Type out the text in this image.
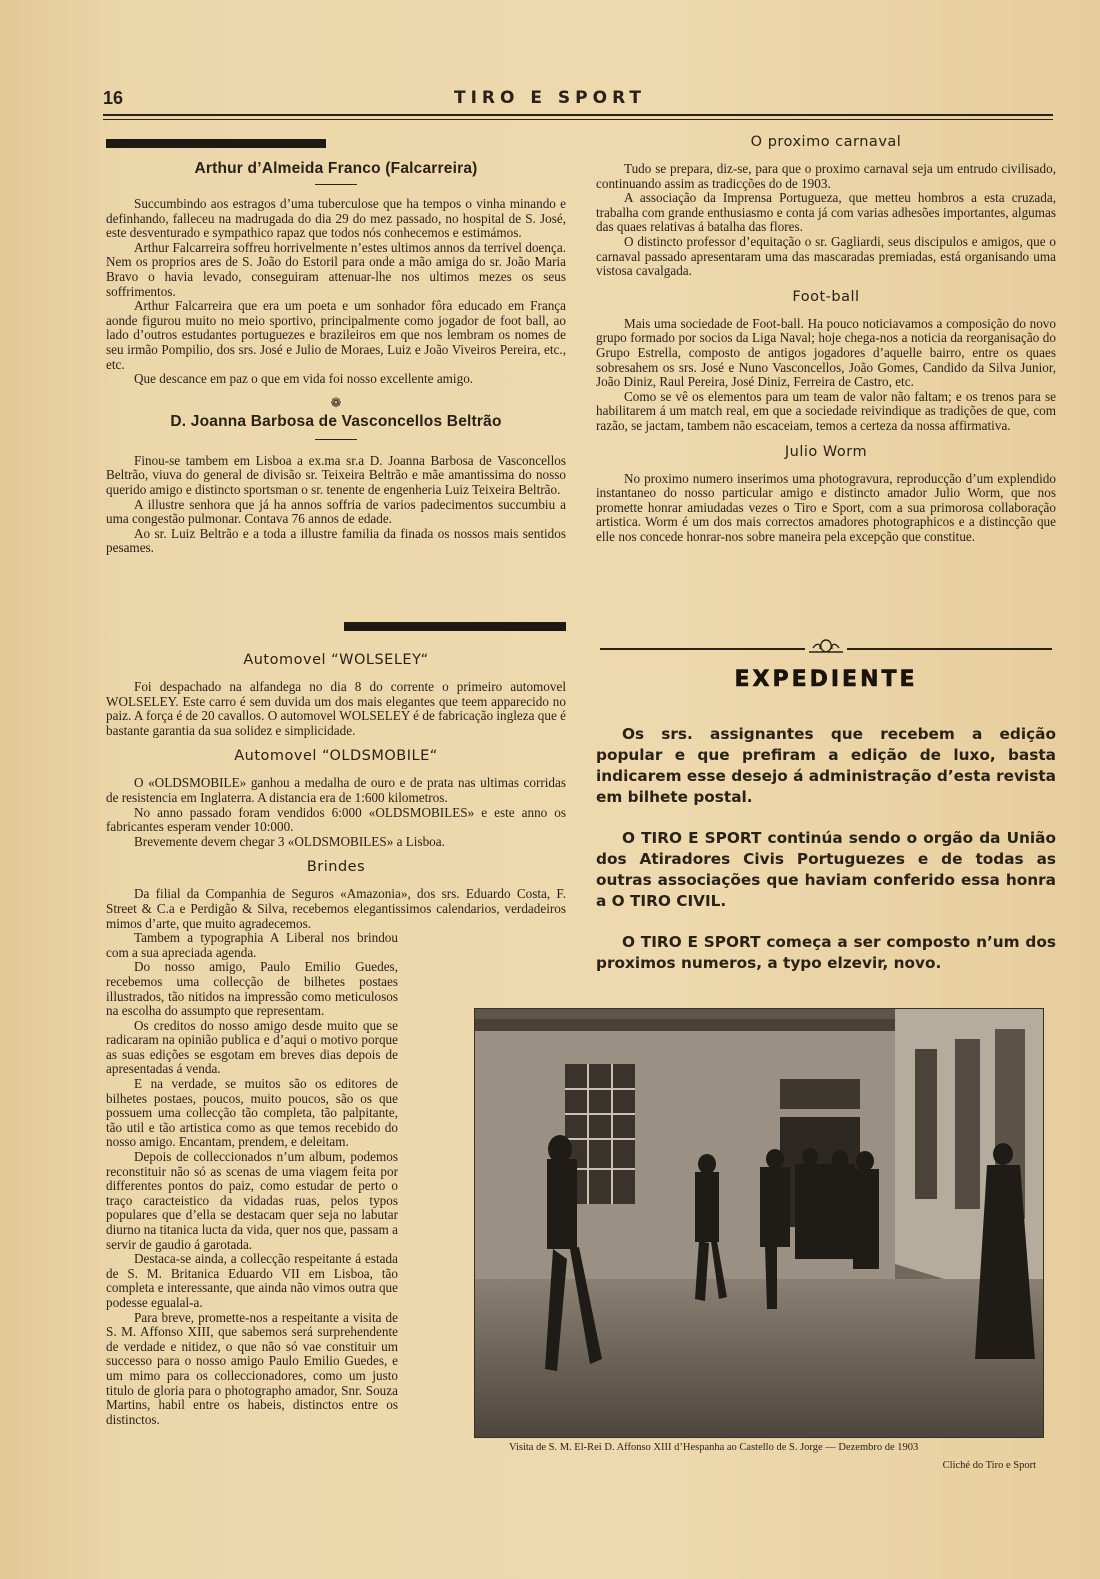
16	TIRO E SPORT
Arthur d’Almeida Franco (Falcarreira)

Succumbindo aos estragos d’uma tuberculose que ha tempos o vinha minando e definhando, falleceu na madrugada do dia 29 do mez passado, no hospital de S. José, este desventurado e sympathico rapaz que todos nós conhecemos e estimámos.

Arthur Falcarreira soffreu horrivelmente n’estes ultimos annos da terrivel doença. Nem os proprios ares de S. João do Estoril para onde a mão amiga do sr. João Maria Bravo o havia levado, conseguiram attenuar-lhe nos ultimos mezes os seus soffrimentos.

Arthur Falcarreira que era um poeta e um sonhador fôra educado em França aonde figurou muito no meio sportivo, principalmente como jogador de foot ball, ao lado d’outros estudantes portuguezes e brazileiros em que nos lembram os nomes de seu irmão Pompilio, dos srs. José e Julio de Moraes, Luiz e João Viveiros Pereira, etc., etc.

Que descance em paz o que em vida foi nosso excellente amigo.

❁
D. Joanna Barbosa de Vasconcellos Beltrão

Finou-se tambem em Lisboa a ex.ma sr.a D. Joanna Barbosa de Vasconcellos Beltrão, viuva do general de divisão sr. Teixeira Beltrão e mãe amantissima do nosso querido amigo e distincto sportsman o sr. tenente de engenheria Luiz Teixeira Beltrão.

A illustre senhora que já ha annos soffria de varios padecimentos succumbiu a uma congestão pulmonar. Contava 76 annos de edade.

Ao sr. Luiz Beltrão e a toda a illustre familia da finada os nossos mais sentidos pesames.

Automovel “WOLSELEY“

Foi despachado na alfandega no dia 8 do corrente o primeiro automovel WOLSELEY. Este carro é sem duvida um dos mais elegantes que teem apparecido no paiz. A força é de 20 cavallos. O automovel WOLSELEY é de fabricação ingleza que é bastante garantia da sua solidez e simplicidade.

Automovel “OLDSMOBILE“

O «OLDSMOBILE» ganhou a medalha de ouro e de prata nas ultimas corridas de resistencia em Inglaterra. A distancia era de 1:600 kilometros.

No anno passado foram vendidos 6:000 «OLDSMOBILES» e este anno os fabricantes esperam vender 10:000.

Brevemente devem chegar 3 «OLDSMOBILES» a Lisboa.

Brindes

Da filial da Companhia de Seguros «Amazonia», dos srs. Eduardo Costa, F. Street & C.a e Perdigão & Silva, recebemos elegantissimos calendarios, verdadeiros mimos d’arte, que muito agradecemos.

Tambem a typographia A Liberal nos brindou com a sua apreciada agenda.

Do nosso amigo, Paulo Emilio Guedes, recebemos uma collecção de bilhetes postaes illustrados, tão nitidos na impressão como meticulosos na escolha do assumpto que representam.

Os creditos do nosso amigo desde muito que se radicaram na opinião publica e d’aqui o motivo porque as suas edições se esgotam em breves dias depois de apresentadas á venda.

E na verdade, se muitos são os editores de bilhetes postaes, poucos, muito poucos, são os que possuem uma collecção tão completa, tão palpitante, tão util e tão artistica como as que temos recebido do nosso amigo. Encantam, prendem, e deleitam.

Depois de colleccionados n’um album, podemos reconstituir não só as scenas de uma viagem feita por differentes pontos do paiz, como estudar de perto o traço caracteistico da vidadas ruas, pelos typos populares que d’ella se destacam quer seja no labutar diurno na titanica lucta da vida, quer nos que, passam a servir de gaudio á garotada.

Destaca-se ainda, a collecção respeitante á estada de S. M. Britanica Eduardo VII em Lisboa, tão completa e interessante, que ainda não vimos outra que podesse egualal-a.

Para breve, promette-nos a respeitante a visita de S. M. Affonso XIII, que sabemos será surprehendente de verdade e nitidez, o que não só vae constituir um successo para o nosso amigo Paulo Emilio Guedes, e um mimo para os colleccionadores, como um justo titulo de gloria para o photographo amador, Snr. Souza Martins, habil entre os habeis, distinctos entre os distinctos.

O proximo carnaval

Tudo se prepara, diz-se, para que o proximo carnaval seja um entrudo civilisado, continuando assim as tradicções do de 1903.

A associação da Imprensa Portugueza, que metteu hombros a esta cruzada, trabalha com grande enthusiasmo e conta já com varias adhesões importantes, algumas das quaes relativas á batalha das flores.

O distincto professor d’equitação o sr. Gagliardi, seus discipulos e amigos, que o carnaval passado apresentaram uma das mascaradas premiadas, está organisando uma vistosa cavalgada.

Foot-ball

Mais uma sociedade de Foot-ball. Ha pouco noticiavamos a composição do novo grupo formado por socios da Liga Naval; hoje chega-nos a noticia da reorganisação do Grupo Estrella, composto de antigos jogadores d’aquelle bairro, entre os quaes sobresahem os srs. José e Nuno Vasconcellos, João Gomes, Candido da Silva Junior, João Diniz, Raul Pereira, José Diniz, Ferreira de Castro, etc.

Como se vê os elementos para um team de valor não faltam; e os trenos para se habilitarem á um match real, em que a sociedade reivindique as tradições de que, com razão, se jactam, tambem não escaceiam, temos a certeza da nossa affirmativa.

Julio Worm

No proximo numero inserimos uma photogravura, reproducção d’um explendido instantaneo do nosso particular amigo e distincto amador Julio Worm, que nos promette honrar amiudadas vezes o Tiro e Sport, com a sua primorosa collaboração artistica. Worm é um dos mais correctos amadores photographicos e a distincção que elle nos concede honrar-nos sobre maneira pela excepção que constitue.

EXPEDIENTE

Os srs. assignantes que recebem a edição popular e que prefiram a edição de luxo, basta indicarem esse desejo á administração d’esta revista em bilhete postal.

O TIRO E SPORT continúa sendo o orgão da União dos Atiradores Civis Portuguezes e de todas as outras associações que haviam conferido essa honra a O TIRO CIVIL.

O TIRO E SPORT começa a ser composto n’um dos proximos numeros, a typo elzevir, novo.

Visita de S. M. El-Rei D. Affonso XIII d’Hespanha ao Castello de S. Jorge — Dezembro de 1903
Cliché do Tiro e Sport
